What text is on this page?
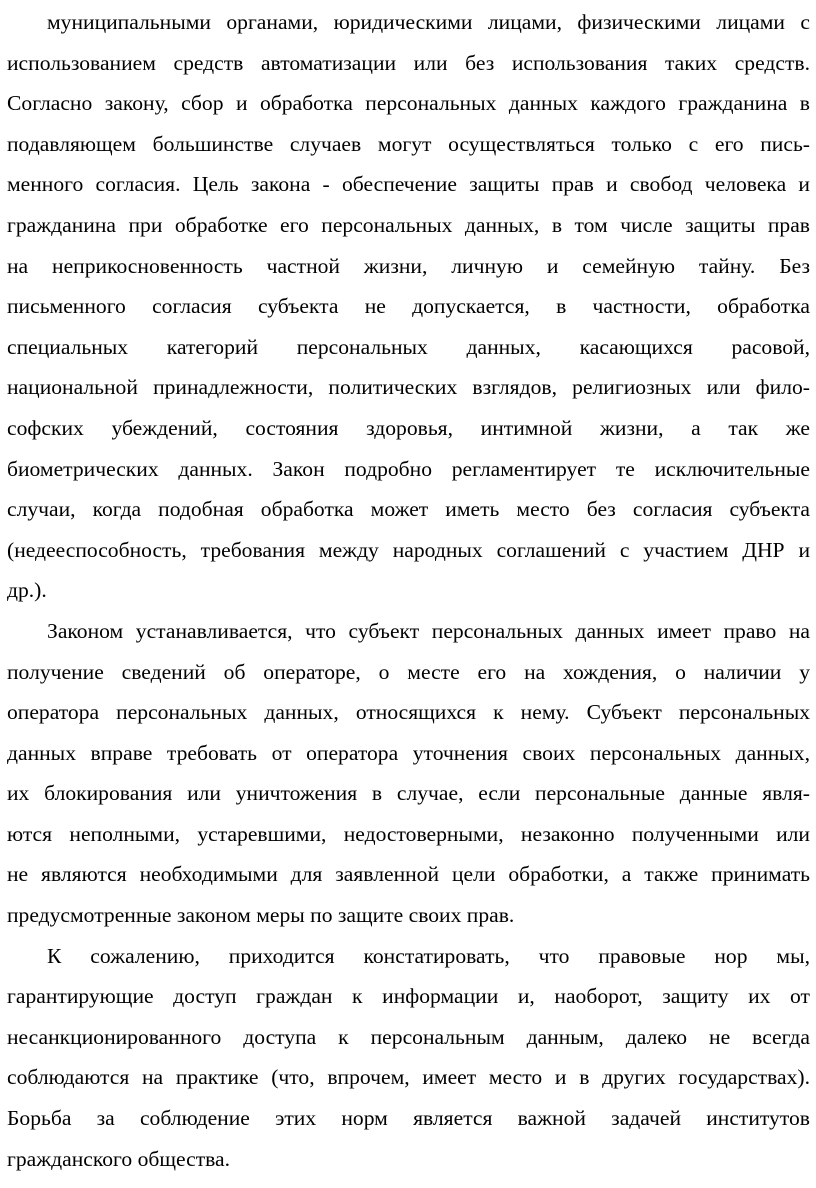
муниципальными органами, юридическими лицами, физическими лицами с
использованием средств автоматизации или без использования таких средств.
Согласно закону, сбор и обработка персональных данных каждого гражданина в
подавляющем большинстве случаев могут осуществляться только с его пись-
менного согласия. Цель закона - обеспечение защиты прав и свобод человека и
гражданина при обработке его персональных данных, в том числе защиты прав
на неприкосновенность частной жизни, личную и семейную тайну. Без
письменного согласия субъекта не допускается, в частности, обработка
специальных категорий персональных данных, касающихся расовой,
национальной принадлежности, политических взглядов, религиозных или фило-
софских убеждений, состояния здоровья, интимной жизни, а так же
биометрических данных. Закон подробно регламентирует те исключительные
случаи, когда подобная обработка может иметь место без согласия субъекта
(недееспособность, требования между народных соглашений с участием ДНР и
др.).
Законом устанавливается, что субъект персональных данных имеет право на
получение сведений об операторе, о месте его на хождения, о наличии у
оператора персональных данных, относящихся к нему. Субъект персональных
данных вправе требовать от оператора уточнения своих персональных данных,
их блокирования или уничтожения в случае, если персональные данные явля-
ются неполными, устаревшими, недостоверными, незаконно полученными или
не являются необходимыми для заявленной цели обработки, а также принимать
предусмотренные законом меры по защите своих прав.
К сожалению, приходится констатировать, что правовые нор мы,
гарантирующие доступ граждан к информации и, наоборот, защиту их от
несанкционированного доступа к персональным данным, далеко не всегда
соблюдаются на практике (что, впрочем, имеет место и в других государствах).
Борьба за соблюдение этих норм является важной задачей институтов
гражданского общества.
